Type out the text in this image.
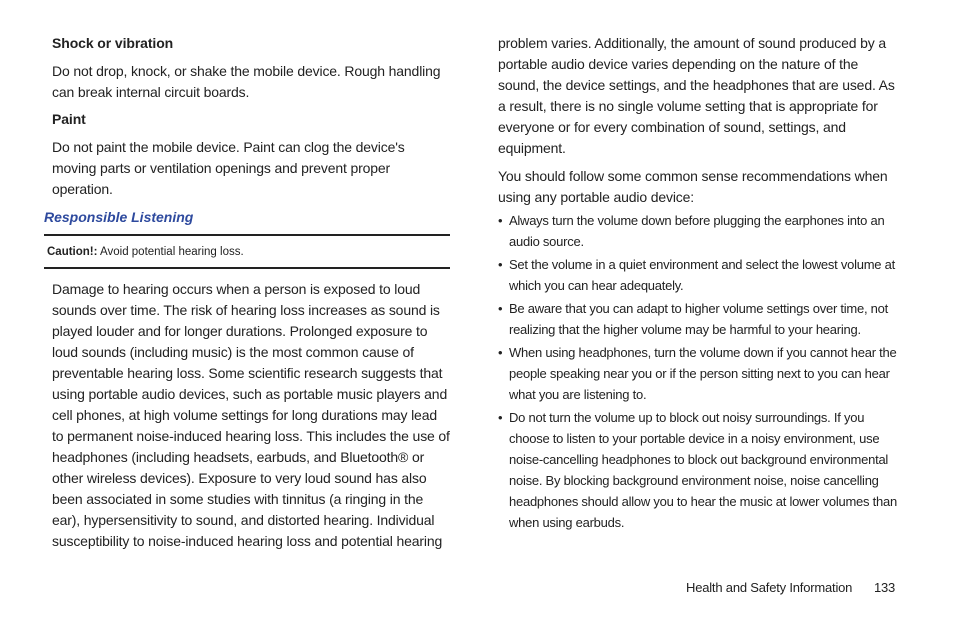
Shock or vibration

Do not drop, knock, or shake the mobile device. Rough handling can break internal circuit boards.

Paint

Do not paint the mobile device. Paint can clog the device's moving parts or ventilation openings and prevent proper operation.

Responsible Listening

Caution!: Avoid potential hearing loss.

Damage to hearing occurs when a person is exposed to loud sounds over time. The risk of hearing loss increases as sound is played louder and for longer durations. Prolonged exposure to loud sounds (including music) is the most common cause of preventable hearing loss. Some scientific research suggests that using portable audio devices, such as portable music players and cell phones, at high volume settings for long durations may lead to permanent noise-induced hearing loss. This includes the use of headphones (including headsets, earbuds, and Bluetooth® or other wireless devices). Exposure to very loud sound has also been associated in some studies with tinnitus (a ringing in the ear), hypersensitivity to sound, and distorted hearing. Individual susceptibility to noise-induced hearing loss and potential hearing

problem varies. Additionally, the amount of sound produced by a portable audio device varies depending on the nature of the sound, the device settings, and the headphones that are used. As a result, there is no single volume setting that is appropriate for everyone or for every combination of sound, settings, and equipment.

You should follow some common sense recommendations when using any portable audio device:

• Always turn the volume down before plugging the earphones into an audio source.
• Set the volume in a quiet environment and select the lowest volume at which you can hear adequately.
• Be aware that you can adapt to higher volume settings over time, not realizing that the higher volume may be harmful to your hearing.
• When using headphones, turn the volume down if you cannot hear the people speaking near you or if the person sitting next to you can hear what you are listening to.
• Do not turn the volume up to block out noisy surroundings. If you choose to listen to your portable device in a noisy environment, use noise-cancelling headphones to block out background environmental noise. By blocking background environment noise, noise cancelling headphones should allow you to hear the music at lower volumes than when using earbuds.
Health and Safety Information 133
